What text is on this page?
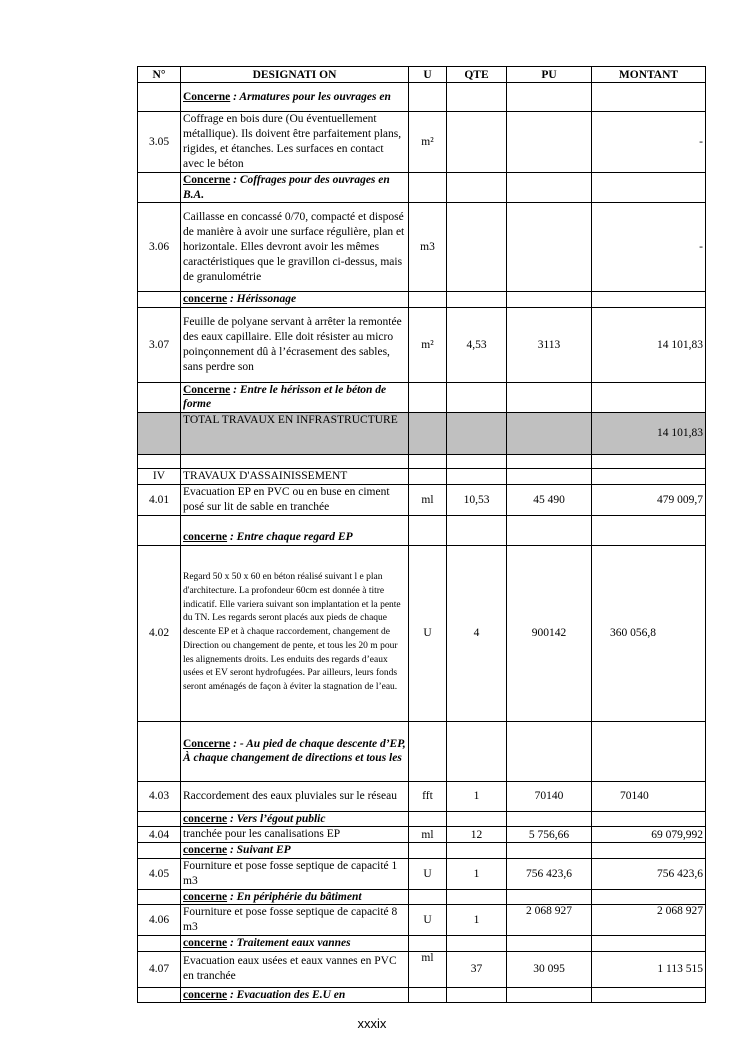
N°	DESIGNATI ON	U	QTE	PU	MONTANT
	Concerne : Armatures pour les ouvrages en				
3.05	Coffrage en bois dure (Ou éventuellement métallique). Ils doivent être parfaitement plans, rigides, et étanches. Les surfaces en contact avec le béton	m²			-
	Concerne : Coffrages pour des ouvrages en B.A.				
3.06	Caillasse en concassé 0/70, compacté et disposé de manière à avoir une surface régulière, plan et horizontale. Elles devront avoir les mêmes caractéristiques que le gravillon ci-dessus, mais de granulométrie	m3			-
	concerne : Hérissonage				
3.07	Feuille de polyane servant à arrêter la remontée des eaux capillaire. Elle doit résister au micro poinçonnement dû à l’écrasement des sables, sans perdre son	m²	4,53	3113	14 101,83
	Concerne : Entre le hérisson et le béton de forme				
	TOTAL TRAVAUX EN INFRASTRUCTURE				14 101,83

IV	TRAVAUX D'ASSAINISSEMENT				
4.01	Evacuation EP en PVC ou en buse en ciment posé sur lit de sable en tranchée	ml	10,53	45 490	479 009,7
	concerne : Entre chaque regard EP				
4.02	Regard 50 x 50 x 60 en béton réalisé suivant l e plan d'architecture. La profondeur 60cm est donnée à titre indicatif. Elle variera suivant son implantation et la pente du TN. Les regards seront placés aux pieds de chaque descente EP et à chaque raccordement, changement de Direction ou changement de pente, et tous les 20 m pour les alignements droits. Les enduits des regards d’eaux usées et EV seront hydrofugées. Par ailleurs, leurs fonds seront aménagés de façon à éviter la stagnation de l’eau.	U	4	900142	360 056,8
	Concerne : - Au pied de chaque descente d’EP,
À chaque changement de directions et tous les				
4.03	Raccordement des eaux pluviales sur le réseau	fft	1	70140	70140
	concerne : Vers l’égout public				
4.04	tranchée pour les canalisations EP	ml	12	5 756,66	69 079,992
	concerne : Suivant EP				
4.05	Fourniture et pose fosse septique de capacité 1 m3	U	1	756 423,6	756 423,6
	concerne : En périphérie du bâtiment				
4.06	Fourniture et pose fosse septique de capacité 8 m3	U	1	2 068 927	2 068 927
	concerne : Traitement eaux vannes				
4.07	Evacuation eaux usées et eaux vannes en PVC en tranchée	ml	37	30 095	1 113 515
	concerne : Evacuation des E.U en				
xxxix
